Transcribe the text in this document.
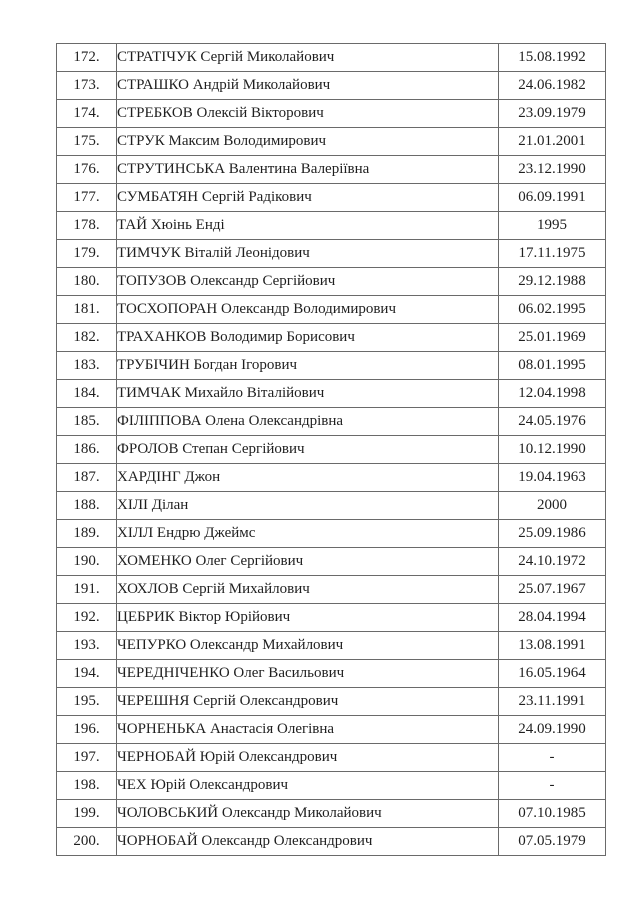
172.	СТРАТІЧУК Сергій Миколайович	15.08.1992
173.	СТРАШКО Андрій Миколайович	24.06.1982
174.	СТРЕБКОВ Олексій Вікторович	23.09.1979
175.	СТРУК Максим Володимирович	21.01.2001
176.	СТРУТИНСЬКА Валентина Валеріївна	23.12.1990
177.	СУМБАТЯН Сергій Радікович	06.09.1991
178.	ТАЙ Хюінь Енді	1995
179.	ТИМЧУК Віталій Леонідович	17.11.1975
180.	ТОПУЗОВ Олександр Сергійович	29.12.1988
181.	ТОСХОПОРАН Олександр Володимирович	06.02.1995
182.	ТРАХАНКОВ Володимир Борисович	25.01.1969
183.	ТРУБІЧИН Богдан Ігорович	08.01.1995
184.	ТИМЧАК Михайло Віталійович	12.04.1998
185.	ФІЛІППОВА Олена Олександрівна	24.05.1976
186.	ФРОЛОВ Степан Сергійович	10.12.1990
187.	ХАРДІНГ Джон	19.04.1963
188.	ХІЛІ Ділан	2000
189.	ХІЛЛ Ендрю Джеймс	25.09.1986
190.	ХОМЕНКО Олег Сергійович	24.10.1972
191.	ХОХЛОВ Сергій Михайлович	25.07.1967
192.	ЦЕБРИК Віктор Юрійович	28.04.1994
193.	ЧЕПУРКО Олександр Михайлович	13.08.1991
194.	ЧЕРЕДНІЧЕНКО Олег Васильович	16.05.1964
195.	ЧЕРЕШНЯ Сергій Олександрович	23.11.1991
196.	ЧОРНЕНЬКА Анастасія Олегівна	24.09.1990
197.	ЧЕРНОБАЙ Юрій Олександрович	-
198.	ЧЕХ Юрій Олександрович	-
199.	ЧОЛОВСЬКИЙ Олександр Миколайович	07.10.1985
200.	ЧОРНОБАЙ Олександр Олександрович	07.05.1979
